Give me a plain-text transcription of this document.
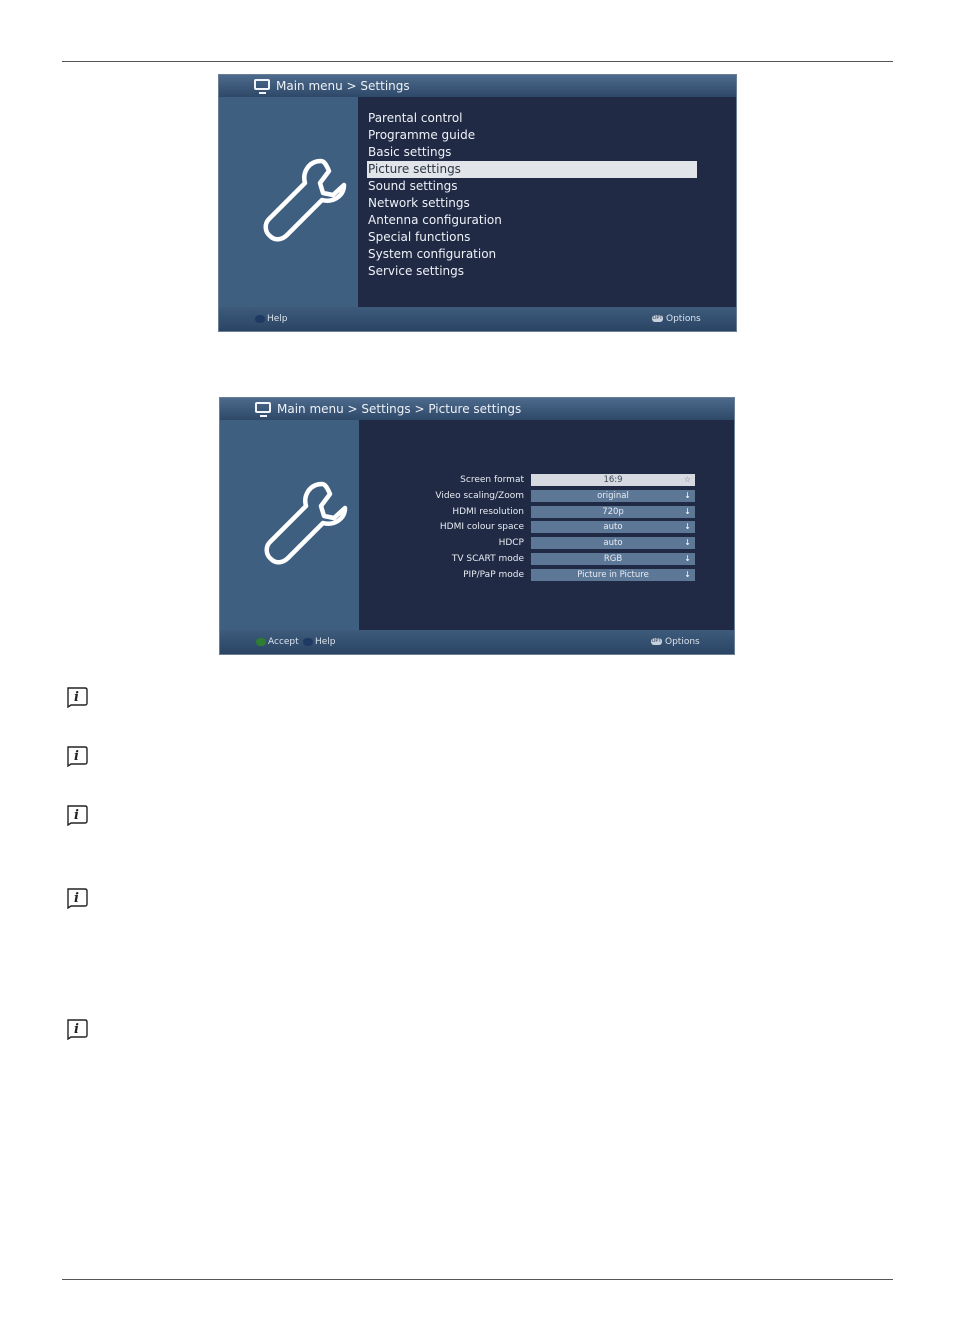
Main menu > Settings
Parental control
Programme guide
Basic settings
Picture settings
Sound settings
Network settings
Antenna configuration
Special functions
System configuration
Service settings
Help	OPT Options
Main menu > Settings > Picture settings
Screen format	16:9	☆
Video scaling/Zoom	original	↓
HDMI resolution	720p	↓
HDMI colour space	auto	↓
HDCP	auto	↓
TV SCART mode	RGB	↓
PIP/PaP mode	Picture in Picture	↓
Accept Help	OPT Options
i
i
i
i
i
